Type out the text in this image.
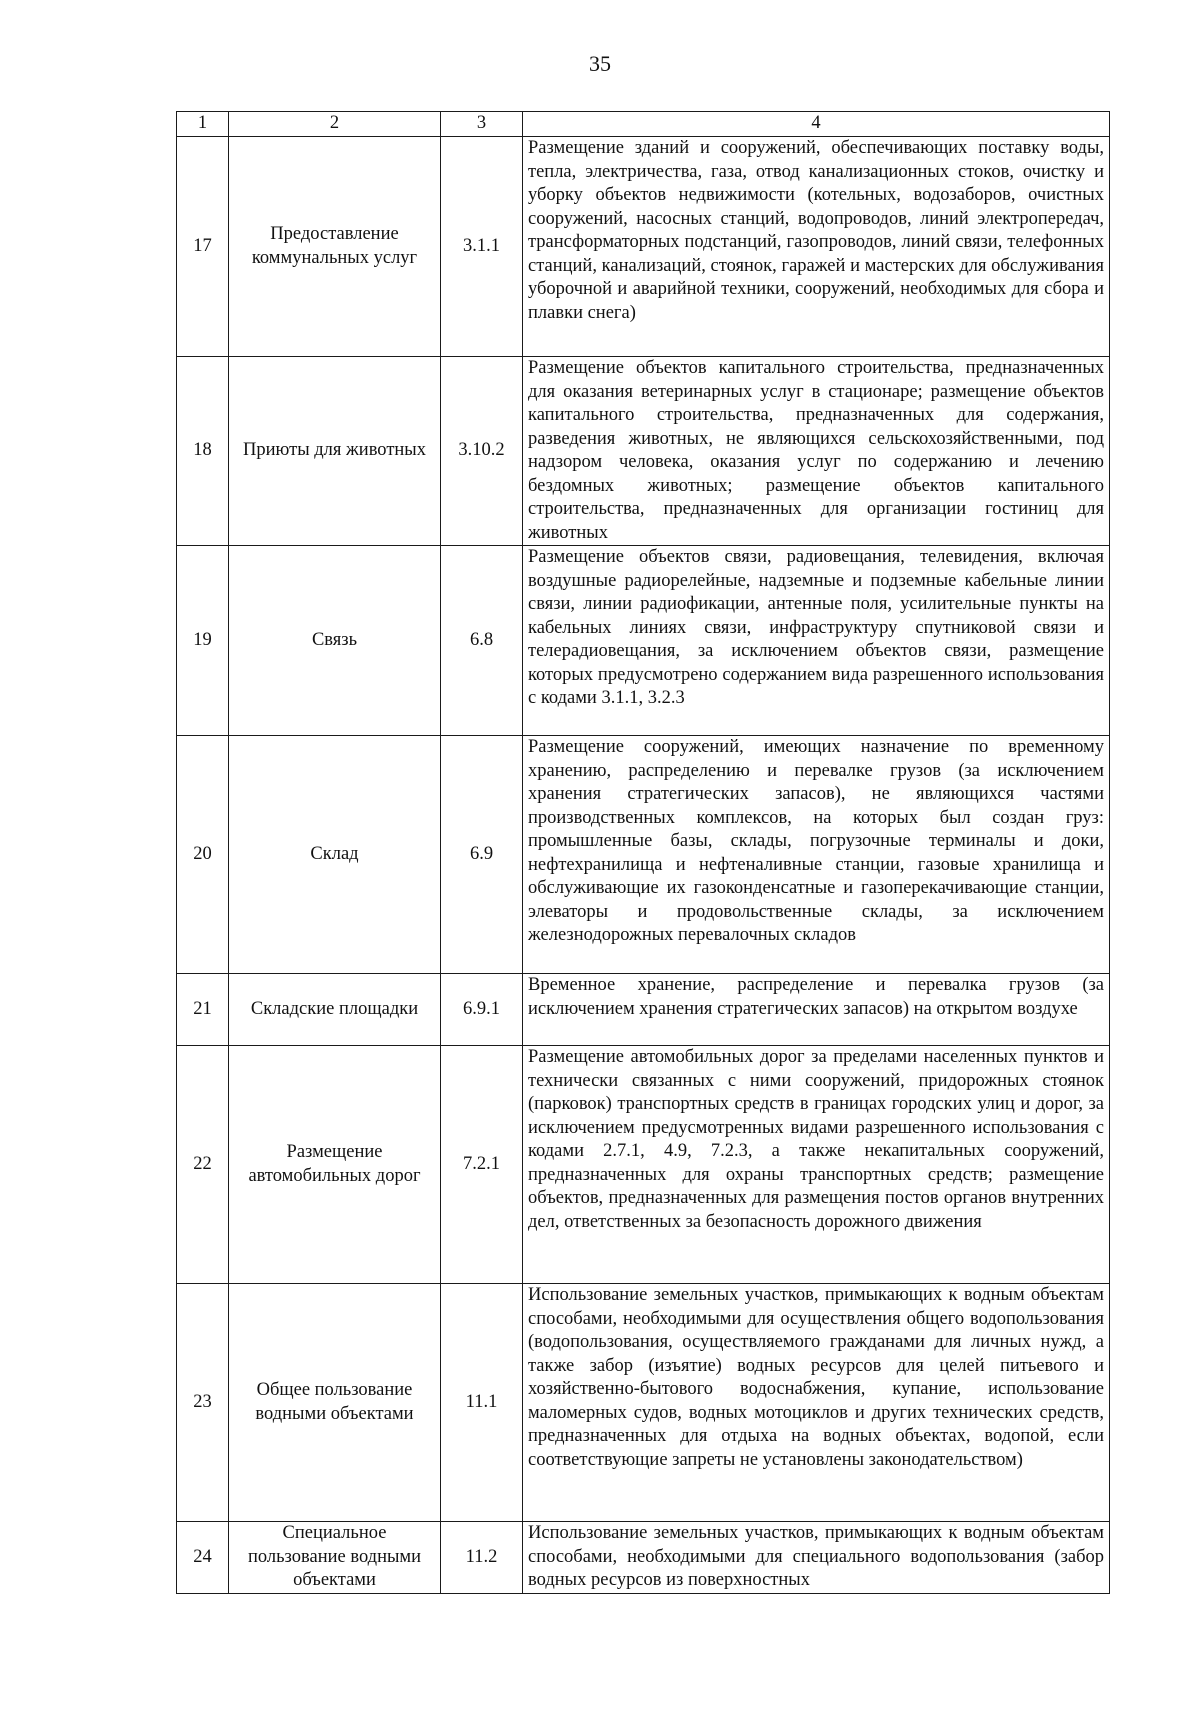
35
1	2	3	4
17	Предоставление коммунальных услуг	3.1.1	Размещение зданий и сооружений, обеспечивающих поставку воды, тепла, электричества, газа, отвод канализационных стоков, очистку и уборку объектов недвижимости (котельных, водозаборов, очистных сооружений, насосных станций, водопроводов, линий электропередач, трансформаторных подстанций, газопроводов, линий связи, телефонных станций, канализаций, стоянок, гаражей и мастерских для обслуживания уборочной и аварийной техники, сооружений, необходимых для сбора и плавки снега)
18	Приюты для животных	3.10.2	Размещение объектов капитального строительства, предназначенных для оказания ветеринарных услуг в стационаре; размещение объектов капитального строительства, предназначенных для содержания, разведения животных, не являющихся сельскохозяйственными, под надзором человека, оказания услуг по содержанию и лечению бездомных животных; размещение объектов капитального строительства, предназначенных для организации гостиниц для животных
19	Связь	6.8	Размещение объектов связи, радиовещания, телевидения, включая воздушные радиорелейные, надземные и подземные кабельные линии связи, линии радиофикации, антенные поля, усилительные пункты на кабельных линиях связи, инфраструктуру спутниковой связи и телерадиовещания, за исключением объектов связи, размещение которых предусмотрено содержанием вида разрешенного использования с кодами 3.1.1, 3.2.3
20	Склад	6.9	Размещение сооружений, имеющих назначение по временному хранению, распределению и перевалке грузов (за исключением хранения стратегических запасов), не являющихся частями производственных комплексов, на которых был создан груз: промышленные базы, склады, погрузочные терминалы и доки, нефтехранилища и нефтеналивные станции, газовые хранилища и обслуживающие их газоконденсатные и газоперекачивающие станции, элеваторы и продовольственные склады, за исключением железнодорожных перевалочных складов
21	Складские площадки	6.9.1	Временное хранение, распределение и перевалка грузов (за исключением хранения стратегических запасов) на открытом воздухе
22	Размещение автомобильных дорог	7.2.1	Размещение автомобильных дорог за пределами населенных пунктов и технически связанных с ними сооружений, придорожных стоянок (парковок) транспортных средств в границах городских улиц и дорог, за исключением предусмотренных видами разрешенного использования с кодами 2.7.1, 4.9, 7.2.3, а также некапитальных сооружений, предназначенных для охраны транспортных средств; размещение объектов, предназначенных для размещения постов органов внутренних дел, ответственных за безопасность дорожного движения
23	Общее пользование водными объектами	11.1	Использование земельных участков, примыкающих к водным объектам способами, необходимыми для осуществления общего водопользования (водопользования, осуществляемого гражданами для личных нужд, а также забор (изъятие) водных ресурсов для целей питьевого и хозяйственно-бытового водоснабжения, купание, использование маломерных судов, водных мотоциклов и других технических средств, предназначенных для отдыха на водных объектах, водопой, если соответствующие запреты не установлены законодательством)
24	Специальное пользование водными объектами	11.2	Использование земельных участков, примыкающих к водным объектам способами, необходимыми для специального водопользования (забор водных ресурсов из поверхностных
